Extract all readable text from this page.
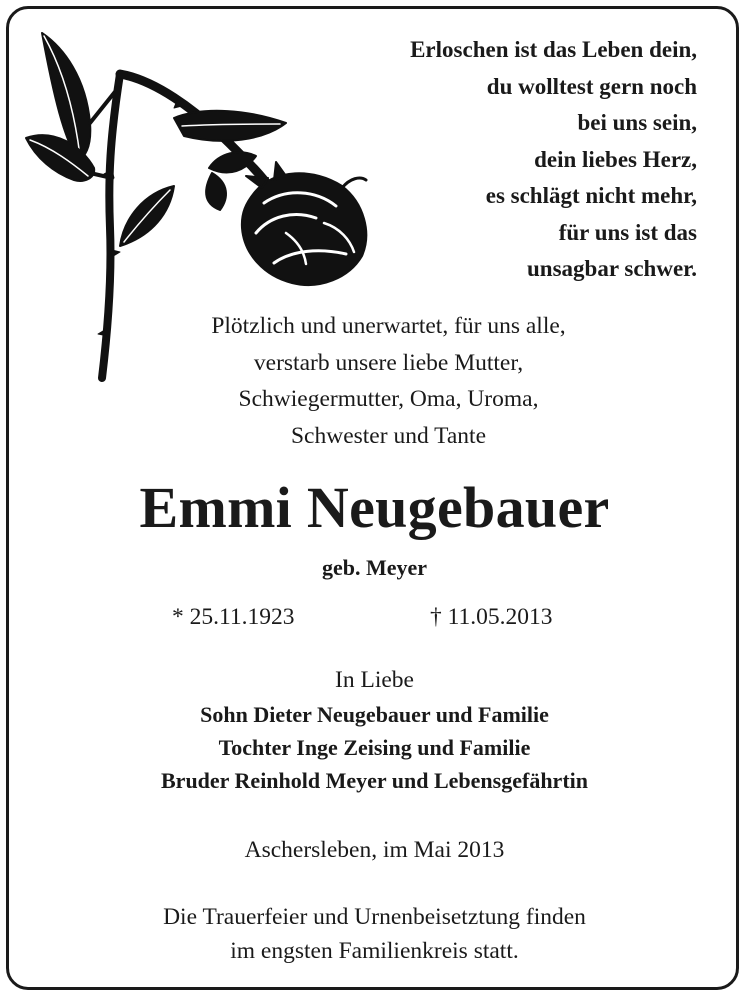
Erloschen ist das Leben dein,
du wolltest gern noch
bei uns sein,
dein liebes Herz,
es schlägt nicht mehr,
für uns ist das
unsagbar schwer.
Plötzlich und unerwartet, für uns alle,
verstarb unsere liebe Mutter,
Schwiegermutter, Oma, Uroma,
Schwester und Tante
Emmi Neugebauer
geb. Meyer
* 25.11.1923	† 11.05.2013
In Liebe
Sohn Dieter Neugebauer und Familie
Tochter Inge Zeising und Familie
Bruder Reinhold Meyer und Lebensgefährtin
Aschersleben, im Mai 2013
Die Trauerfeier und Urnenbeisetztung finden
im engsten Familienkreis statt.
